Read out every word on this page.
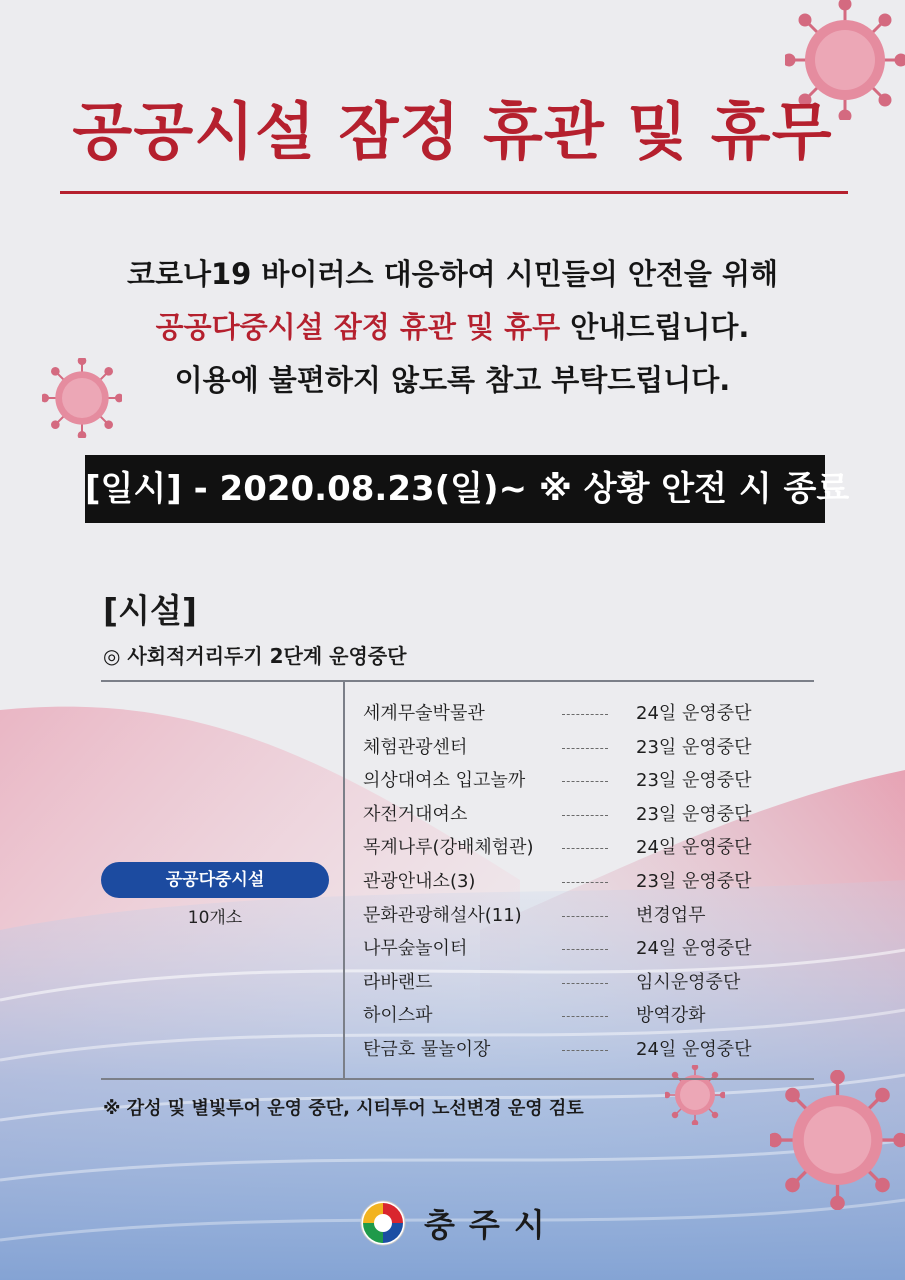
공공시설 잠정 휴관 및 휴무
코로나19 바이러스 대응하여 시민들의 안전을 위해
공공다중시설 잠정 휴관 및 휴무 안내드립니다.
이용에 불편하지 않도록 참고 부탁드립니다.
[일시] - 2020.08.23(일)~ ※ 상황 안전 시 종료
[시설]
◎ 사회적거리두기 2단계 운영중단
공공다중시설
10개소
세계무술박물관	24일 운영중단
체험관광센터	23일 운영중단
의상대여소 입고놀까	23일 운영중단
자전거대여소	23일 운영중단
목계나루(강배체험관)	24일 운영중단
관광안내소(3)	23일 운영중단
문화관광해설사(11)	변경업무
나무숲놀이터	24일 운영중단
라바랜드	임시운영중단
하이스파	방역강화
탄금호 물놀이장	24일 운영중단
※ 감성 및 별빛투어 운영 중단, 시티투어 노선변경 운영 검토
충주시
